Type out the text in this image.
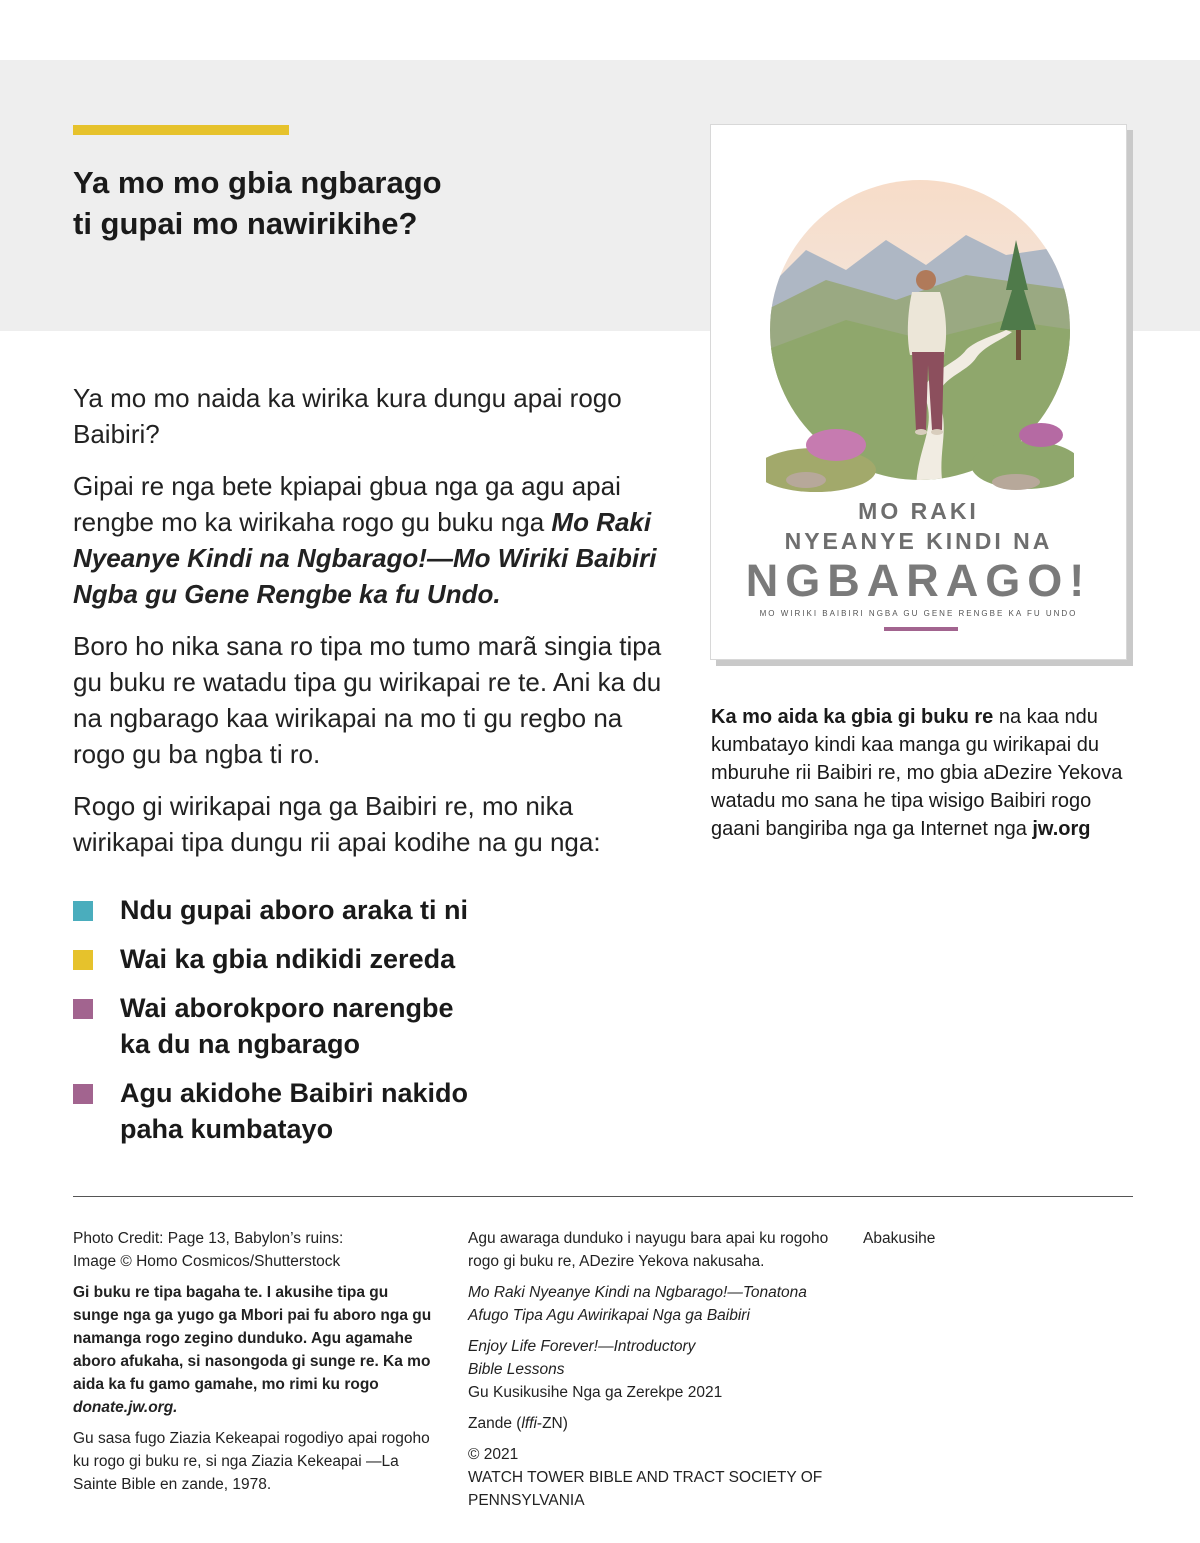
Ya mo mo gbia ngbarago
ti gupai mo nawirikihe?

Ya mo mo naida ka wirika kura dungu apai rogo Baibiri?

Gipai re nga bete kpiapai gbua nga ga agu apai rengbe mo ka wirikaha rogo gu buku nga Mo Raki Nyeanye Kindi na Ngbarago!—Mo Wiriki Baibiri Ngba gu Gene Rengbe ka fu Undo.

Boro ho nika sana ro tipa mo tumo marã singia tipa gu buku re watadu tipa gu wirikapai re te. Ani ka du na ngbarago kaa wirikapai na mo ti gu regbo na rogo gu ba ngba ti ro.

Rogo gi wirikapai nga ga Baibiri re, mo nika wirikapai tipa dungu rii apai kodihe na gu nga:

Ndu gupai aboro araka ti ni
Wai ka gbia ndikidi zereda
Wai aborokporo narengbe
ka du na ngbarago
Agu akidohe Baibiri nakido
paha kumbatayo
MO RAKI
NYEANYE KINDI NA
NGBARAGO!
MO WIRIKI BAIBIRI NGBA GU GENE RENGBE KA FU UNDO

Ka mo aida ka gbia gi buku re na kaa ndu kumbatayo kindi kaa manga gu wirikapai du mburuhe rii Baibiri re, mo gbia aDezire Yekova watadu mo sana he tipa wisigo Baibiri rogo gaani bangiriba nga ga Internet nga jw.org

Photo Credit: Page 13, Babylon’s ruins:
Image © Homo Cosmicos/Shutterstock

Gi buku re tipa bagaha te. I akusihe tipa gu sunge nga ga yugo ga Mbori pai fu aboro nga gu namanga rogo zegino dunduko. Agu agamahe aboro afukaha, si nasongoda gi sunge re. Ka mo aida ka fu gamo gamahe, mo rimi ku rogo donate.jw.org.

Gu sasa fugo Ziazia Kekeapai rogodiyo apai rogoho ku rogo gi buku re, si nga Ziazia Kekeapai —La Sainte Bible en zande, 1978.

Agu awaraga dunduko i nayugu bara apai ku rogoho rogo gi buku re, ADezire Yekova nakusaha.

Mo Raki Nyeanye Kindi na Ngbarago!—Tonatona Afugo Tipa Agu Awirikapai Nga ga Baibiri

Enjoy Life Forever!—Introductory
Bible Lessons
Gu Kusikusihe Nga ga Zerekpe 2021

Zande (lffi-ZN)

© 2021
WATCH TOWER BIBLE AND TRACT SOCIETY OF
PENNSYLVANIA

Abakusihe
